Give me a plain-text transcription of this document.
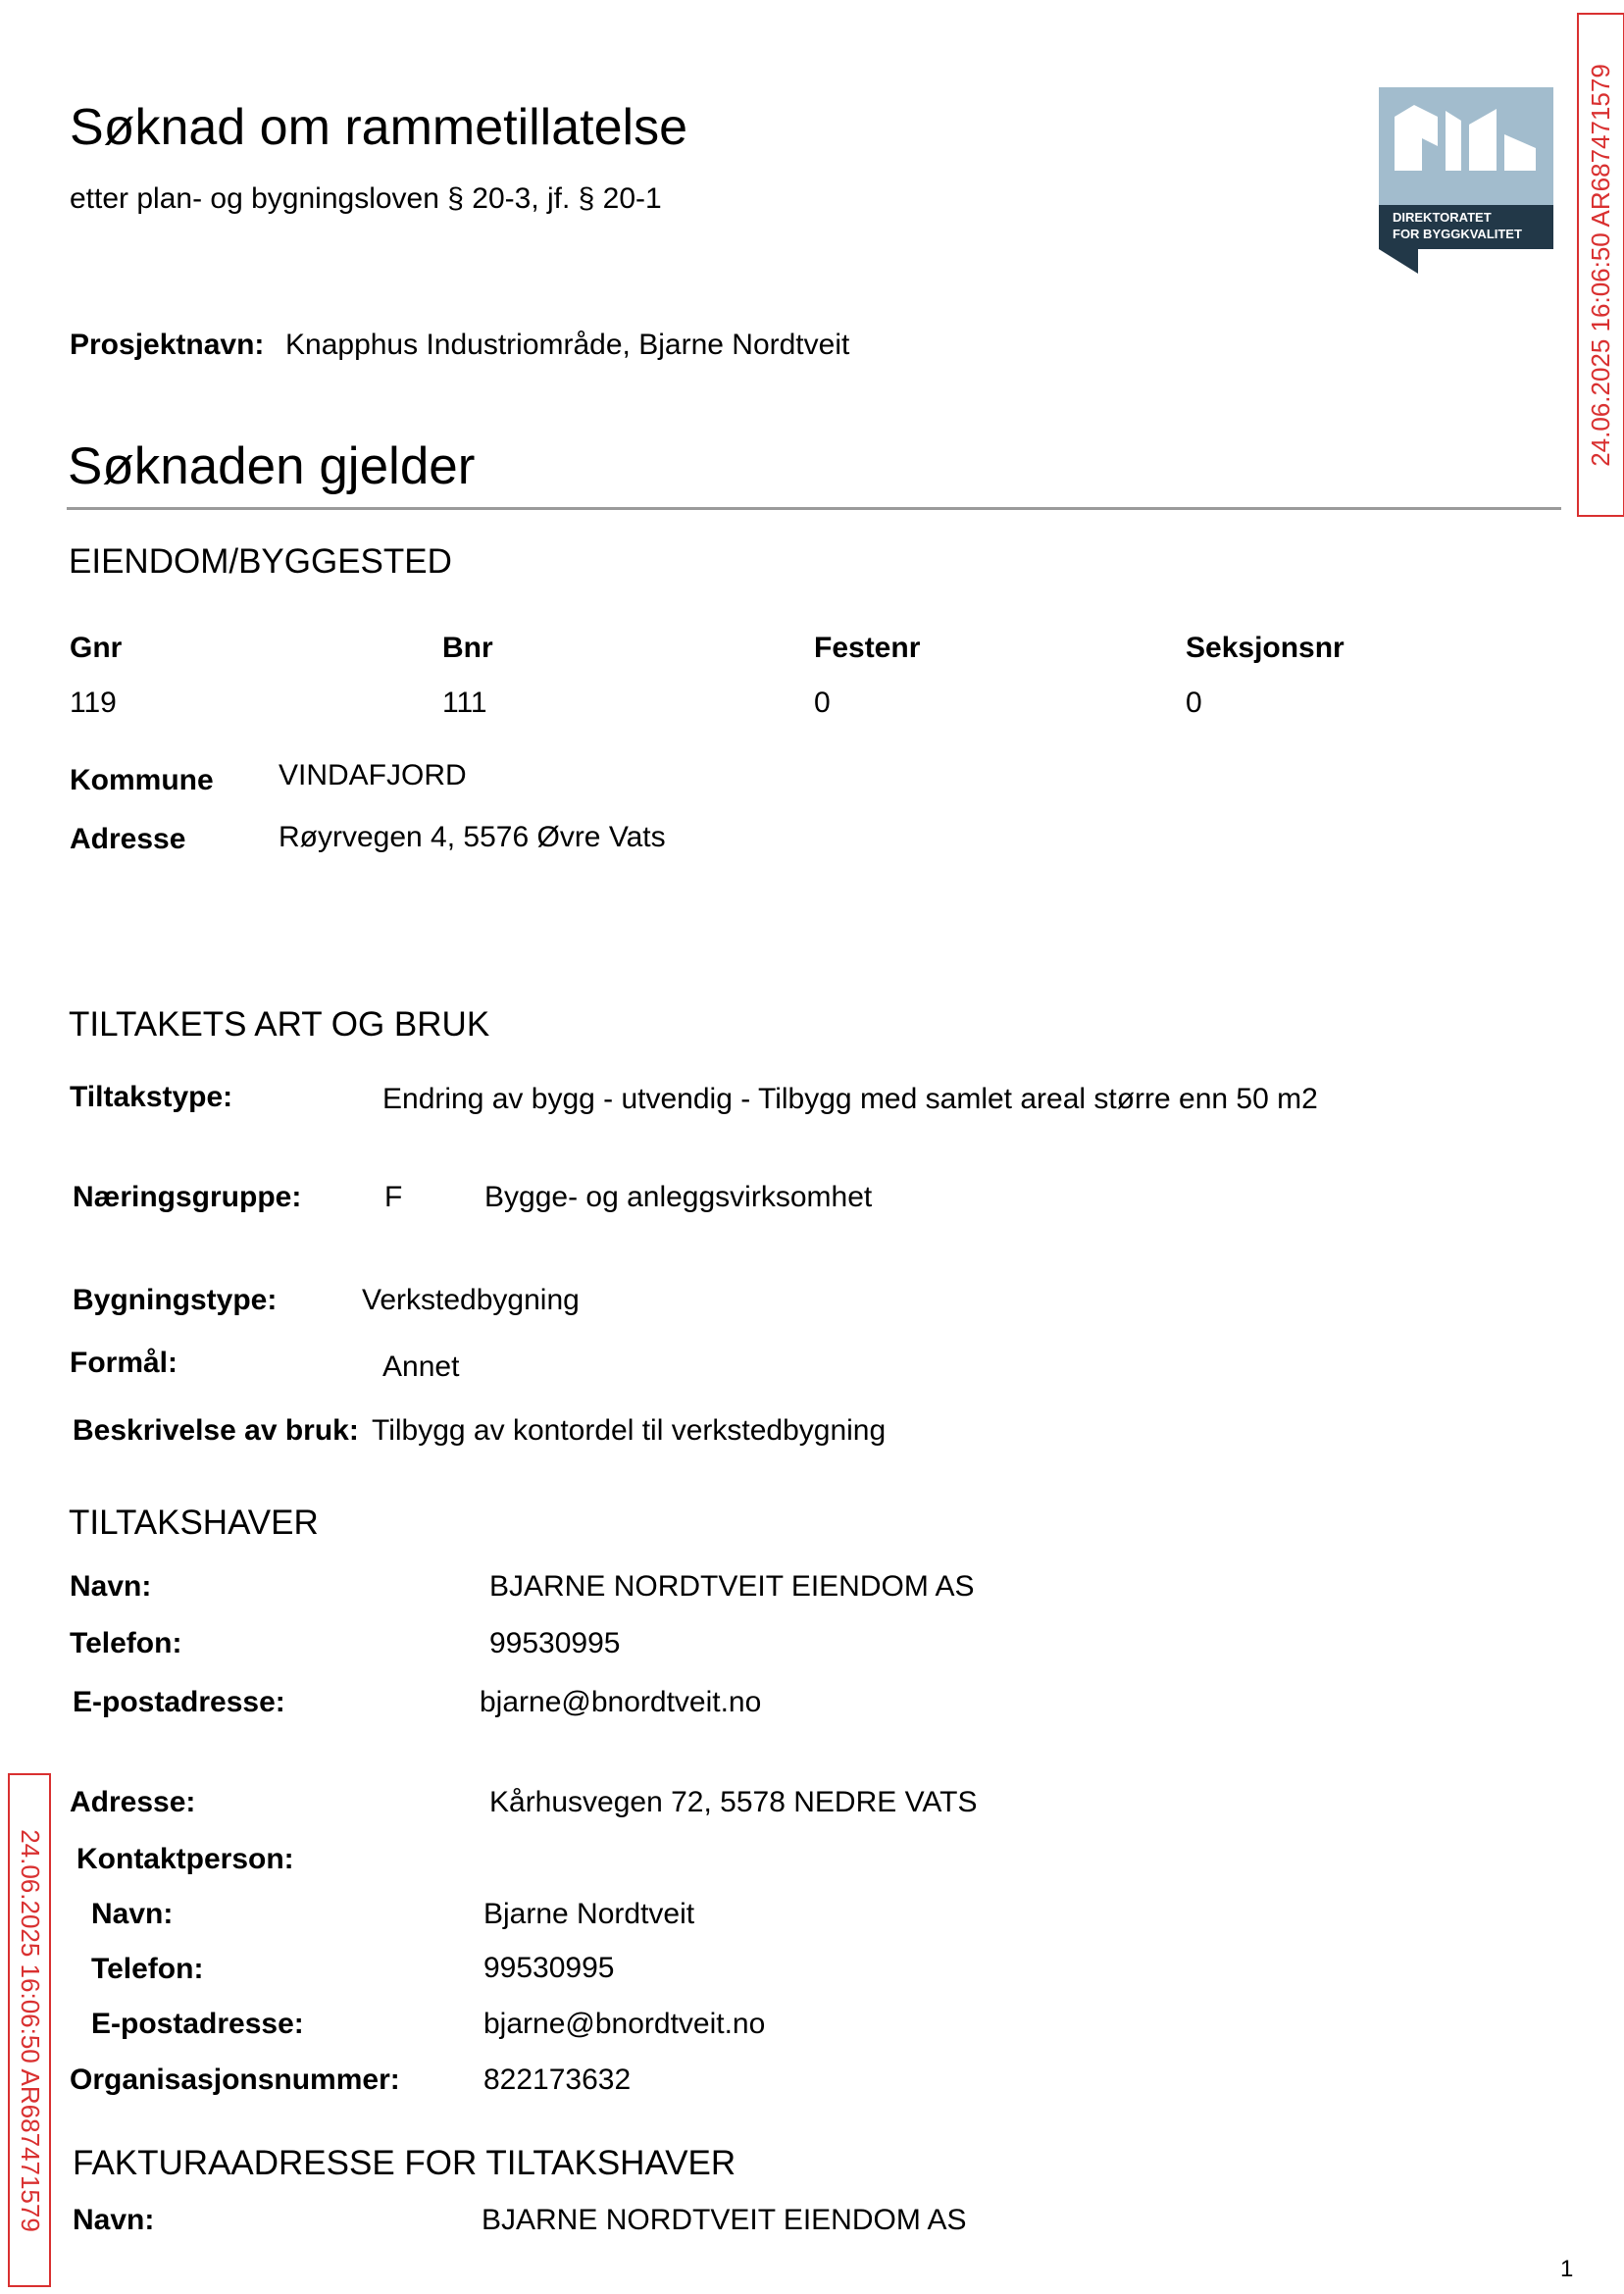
Søknad om rammetillatelse
etter plan- og bygningsloven § 20-3, jf. § 20-1
DIREKTORATET
FOR BYGGKVALITET	24.06.2025 16:06:50 AR687471579
24.06.2025 16:06:50 AR687471579
Prosjektnavn: Knapphus Industriområde, Bjarne Nordtveit
Søknaden gjelder
EIENDOM/BYGGESTED
Gnr	Bnr	Festenr	Seksjonsnr
119	111	0	0
Kommune VINDAFJORD
Adresse	Røyrvegen 4, 5576 Øvre Vats
TILTAKETS ART OG BRUK
Tiltakstype:	Endring av bygg - utvendig - Tilbygg med samlet areal større enn 50 m2
Næringsgruppe:	F	Bygge- og anleggsvirksomhet
Bygningstype:	Verkstedbygning
Formål:	Annet
Beskrivelse av bruk: Tilbygg av kontordel til verkstedbygning
TILTAKSHAVER
Navn:	BJARNE NORDTVEIT EIENDOM AS
Telefon:	99530995
E-postadresse:	bjarne@bnordtveit.no
Adresse:	Kårhusvegen 72, 5578 NEDRE VATS
Kontaktperson:
Navn:	Bjarne Nordtveit
Telefon:	99530995
E-postadresse:	bjarne@bnordtveit.no
Organisasjonsnummer:	822173632
FAKTURAADRESSE FOR TILTAKSHAVER
Navn:	BJARNE NORDTVEIT EIENDOM AS
1
